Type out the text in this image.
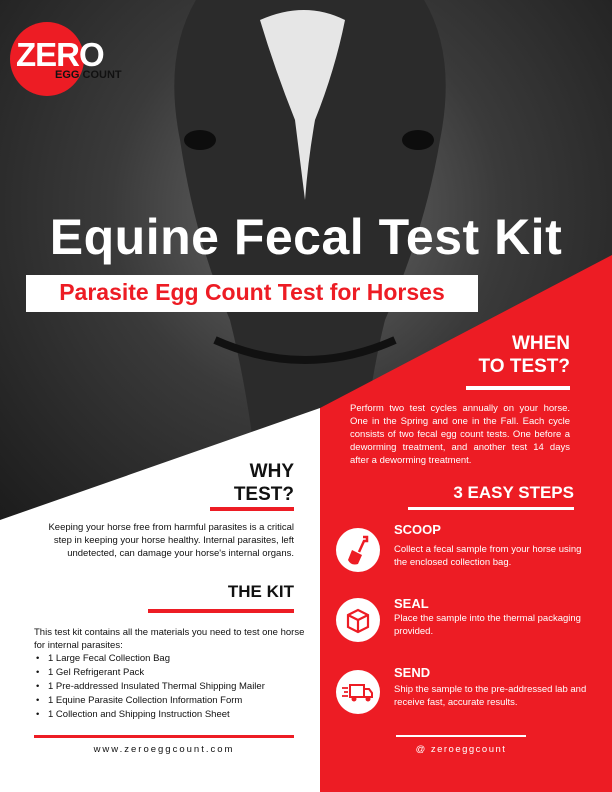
ZERO
EGG COUNT
Equine Fecal Test Kit
Parasite Egg Count Test for Horses
WHEN
TO TEST?
Perform two test cycles annually on your horse. One in the Spring and one in the Fall. Each cycle consists of two fecal egg count tests. One before a deworming treatment, and another test 14 days after a deworming treatment.
WHY
TEST?
Keeping your horse free from harmful parasites is a critical step in keeping your horse healthy. Internal parasites, left undetected, can damage your horse's internal organs.
THE KIT
This test kit contains all the materials you need to test one horse for internal parasites:
• 1 Large Fecal Collection Bag
• 1 Gel Refrigerant Pack
• 1 Pre-addressed Insulated Thermal Shipping Mailer
• 1 Equine Parasite Collection Information Form
• 1 Collection and Shipping Instruction Sheet
www.zeroeggcount.com
3 EASY STEPS
SCOOP
Collect a fecal sample from your horse using the enclosed collection bag.
SEAL
Place the sample into the thermal packaging provided.
SEND
Ship the sample to the pre-addressed lab and receive fast, accurate results.
@ zeroeggcount
